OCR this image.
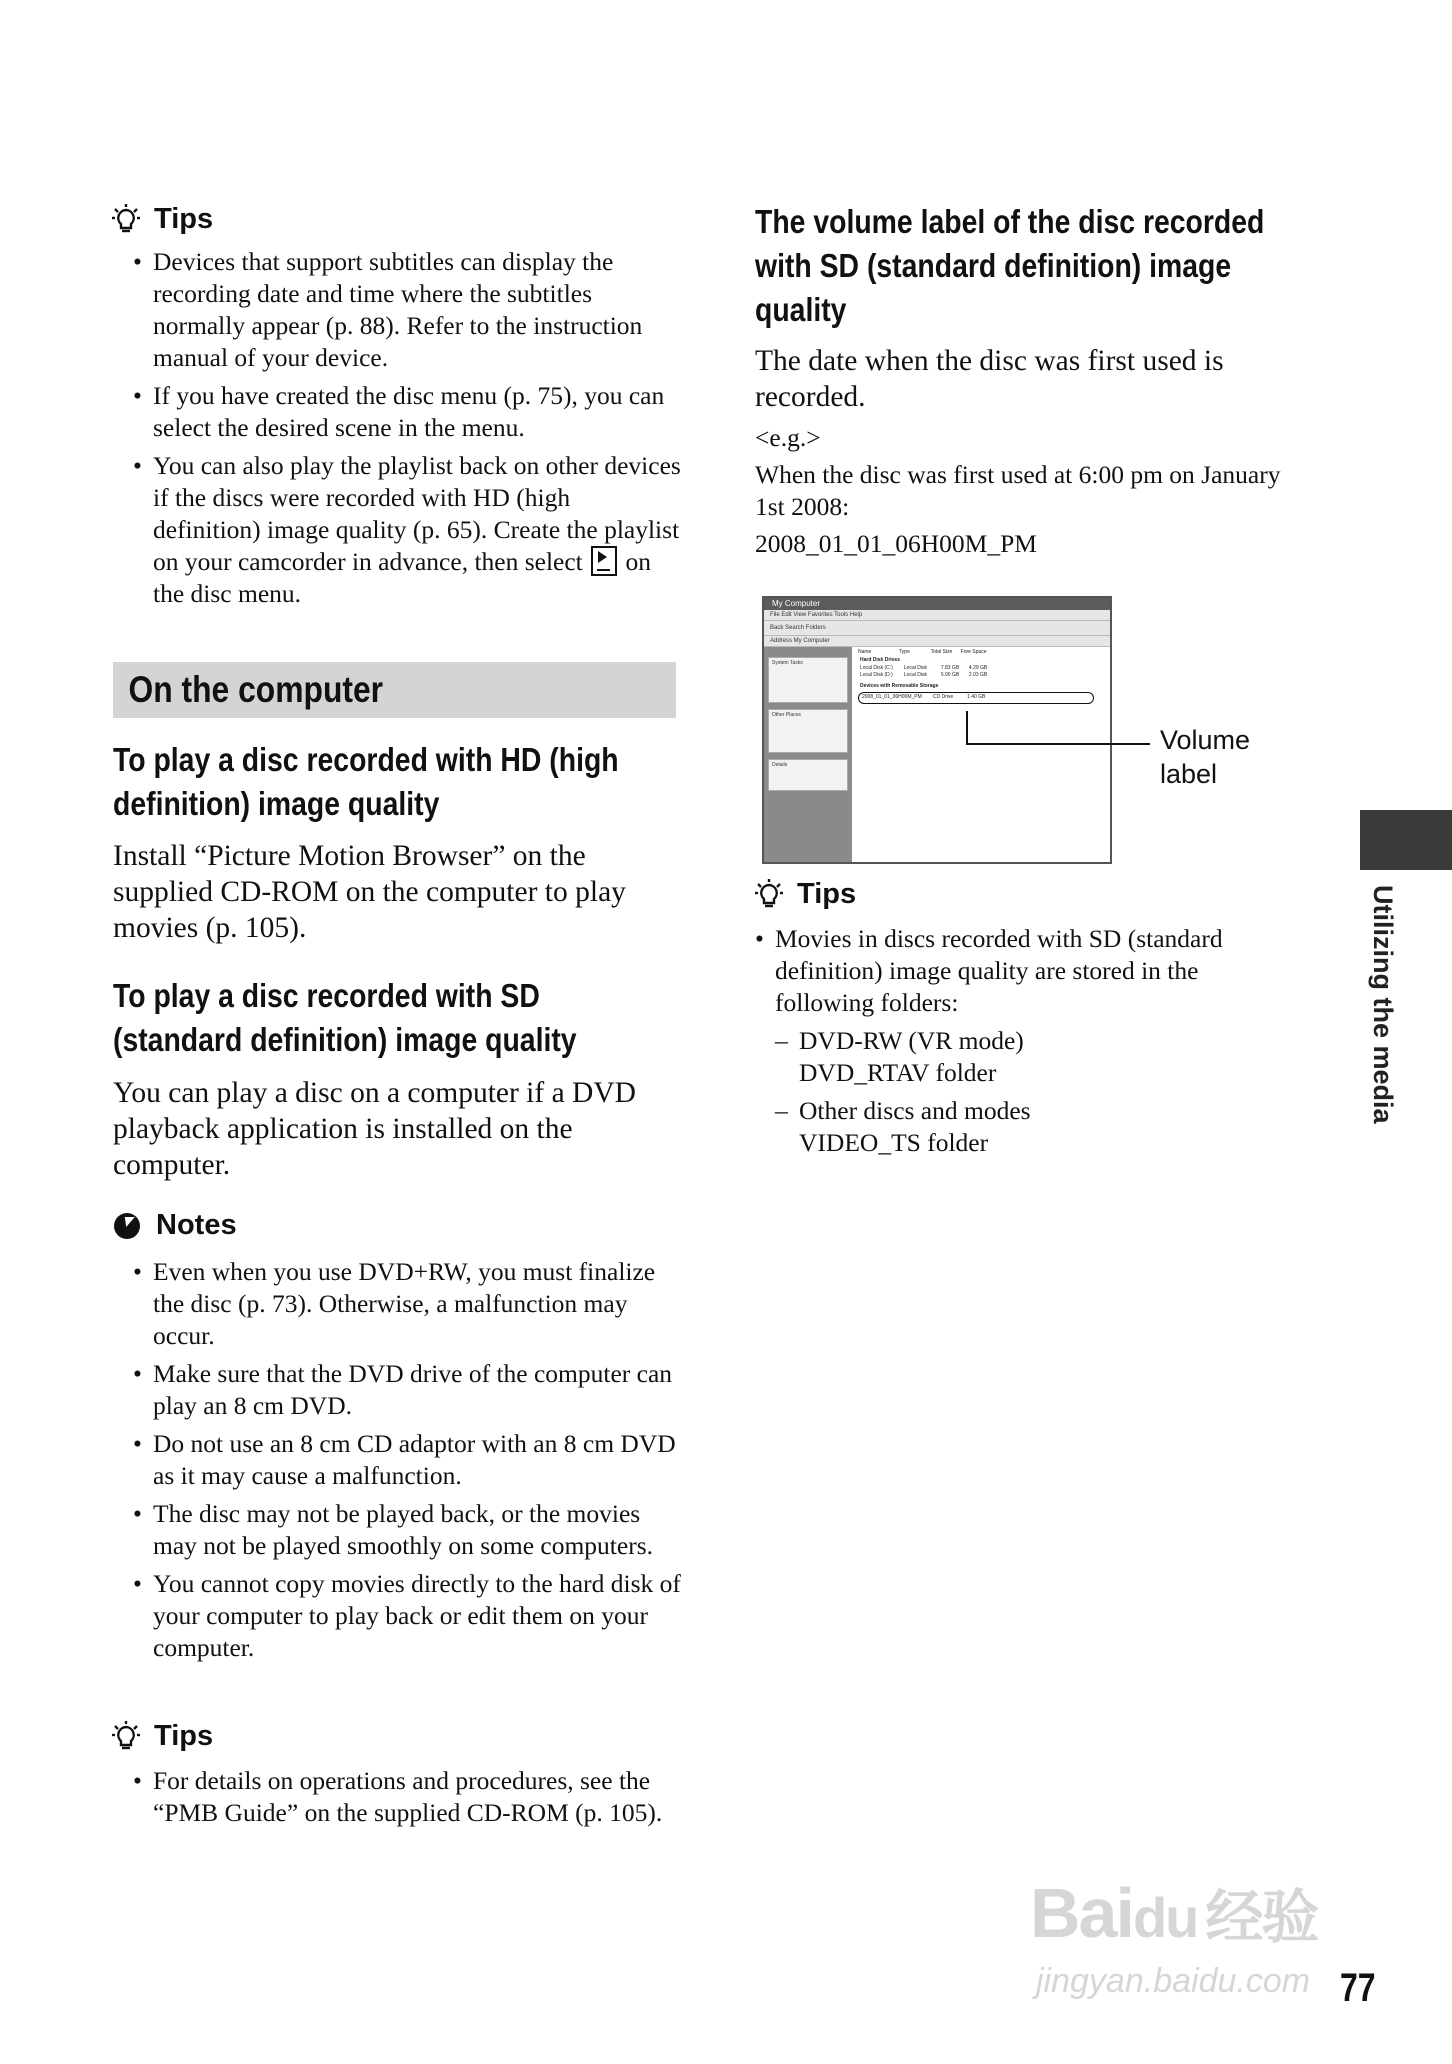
Tips
• Devices that support subtitles can display the recording date and time where the subtitles normally appear (p. 88). Refer to the instruction manual of your device.
• If you have created the disc menu (p. 75), you can select the desired scene in the menu.
• You can also play the playlist back on other devices if the discs were recorded with HD (high definition) image quality (p. 65). Create the playlist on your camcorder in advance, then select on the disc menu.
On the computer
To play a disc recorded with HD (high definition) image quality
Install “Picture Motion Browser” on the supplied CD-ROM on the computer to play movies (p. 105).
To play a disc recorded with SD (standard definition) image quality
You can play a disc on a computer if a DVD playback application is installed on the computer.
Notes
• Even when you use DVD+RW, you must finalize the disc (p. 73). Otherwise, a malfunction may occur.
• Make sure that the DVD drive of the computer can play an 8 cm DVD.
• Do not use an 8 cm CD adaptor with an 8 cm DVD as it may cause a malfunction.
• The disc may not be played back, or the movies may not be played smoothly on some computers.
• You cannot copy movies directly to the hard disk of your computer to play back or edit them on your computer.
Tips
• For details on operations and procedures, see the “PMB Guide” on the supplied CD-ROM (p. 105).
The volume label of the disc recorded with SD (standard definition) image quality
The date when the disc was first used is recorded.
<e.g.>
When the disc was first used at 6:00 pm on January 1st 2008:
2008_01_01_06H00M_PM
My Computer
File Edit View Favorites Tools Help
Back Search Folders
Address My Computer
System Tasks
Other Places
Details
Name                    Type               Total Size      Free Space
Hard Disk Drives
Local Disk (C:)        Local Disk          7.83 GB       4.29 GB
Local Disk (D:)        Local Disk          5.90 GB       2.03 GB
Devices with Removable Storage
2008_01_01_06H00M_PM        CD Drive          1.40 GB
Volume label
Tips
• Movies in discs recorded with SD (standard definition) image quality are stored in the following folders:
– DVD-RW (VR mode)
DVD_RTAV folder
– Other discs and modes
VIDEO_TS folder
Utilizing the media
Baidu 经验
jingyan.baidu.com 77
